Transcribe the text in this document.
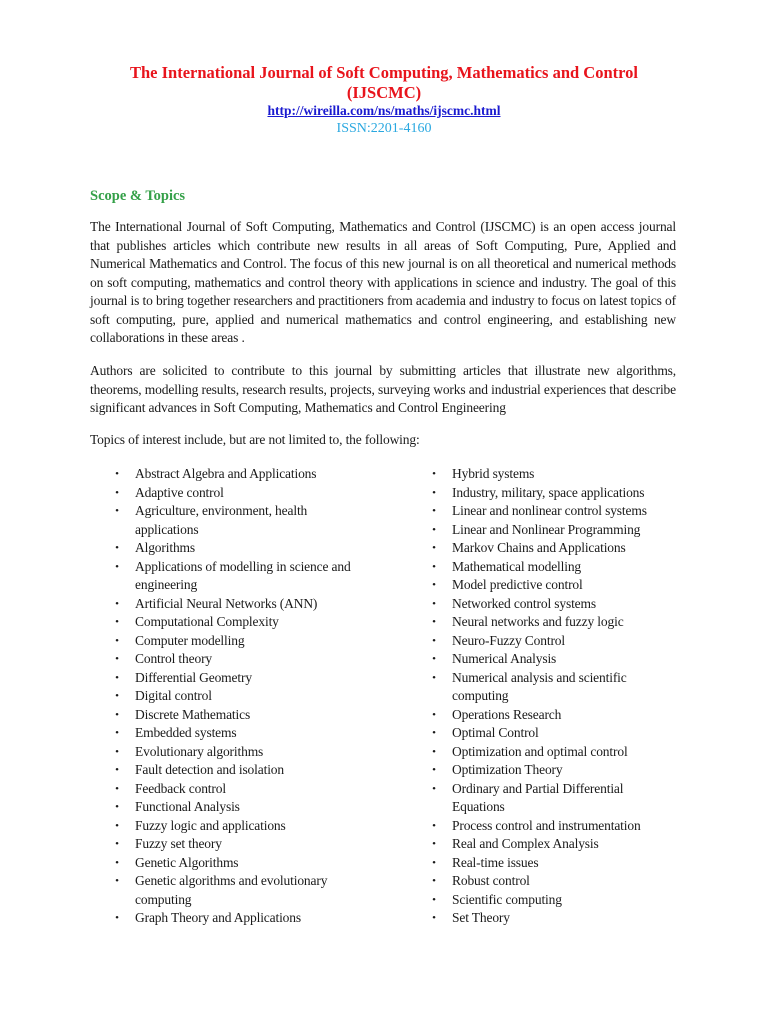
The International Journal of Soft Computing, Mathematics and Control
(IJSCMC)
http://wireilla.com/ns/maths/ijscmc.html
ISSN:2201-4160
Scope & Topics

The International Journal of Soft Computing, Mathematics and Control (IJSCMC) is an open access journal that publishes articles which contribute new results in all areas of Soft Computing, Pure, Applied and Numerical Mathematics and Control. The focus of this new journal is on all theoretical and numerical methods on soft computing, mathematics and control theory with applications in science and industry. The goal of this journal is to bring together researchers and practitioners from academia and industry to focus on latest topics of soft computing, pure, applied and numerical mathematics and control engineering, and establishing new collaborations in these areas .

Authors are solicited to contribute to this journal by submitting articles that illustrate new algorithms, theorems, modelling results, research results, projects, surveying works and industrial experiences that describe significant advances in Soft Computing, Mathematics and Control Engineering

Topics of interest include, but are not limited to, the following:

•	Abstract Algebra and Applications
•	Adaptive control
•	Agriculture, environment, health applications
•	Algorithms
•	Applications of modelling in science and engineering
•	Artificial Neural Networks (ANN)
•	Computational Complexity
•	Computer modelling
•	Control theory
•	Differential Geometry
•	Digital control
•	Discrete Mathematics
•	Embedded systems
•	Evolutionary algorithms
•	Fault detection and isolation
•	Feedback control
•	Functional Analysis
•	Fuzzy logic and applications
•	Fuzzy set theory
•	Genetic Algorithms
•	Genetic algorithms and evolutionary computing
•	Graph Theory and Applications
•	Hybrid systems
•	Industry, military, space applications
•	Linear and nonlinear control systems
•	Linear and Nonlinear Programming
•	Markov Chains and Applications
•	Mathematical modelling
•	Model predictive control
•	Networked control systems
•	Neural networks and fuzzy logic
•	Neuro-Fuzzy Control
•	Numerical Analysis
•	Numerical analysis and scientific computing
•	Operations Research
•	Optimal Control
•	Optimization and optimal control
•	Optimization Theory
•	Ordinary and Partial Differential Equations
•	Process control and instrumentation
•	Real and Complex Analysis
•	Real-time issues
•	Robust control
•	Scientific computing
•	Set Theory
